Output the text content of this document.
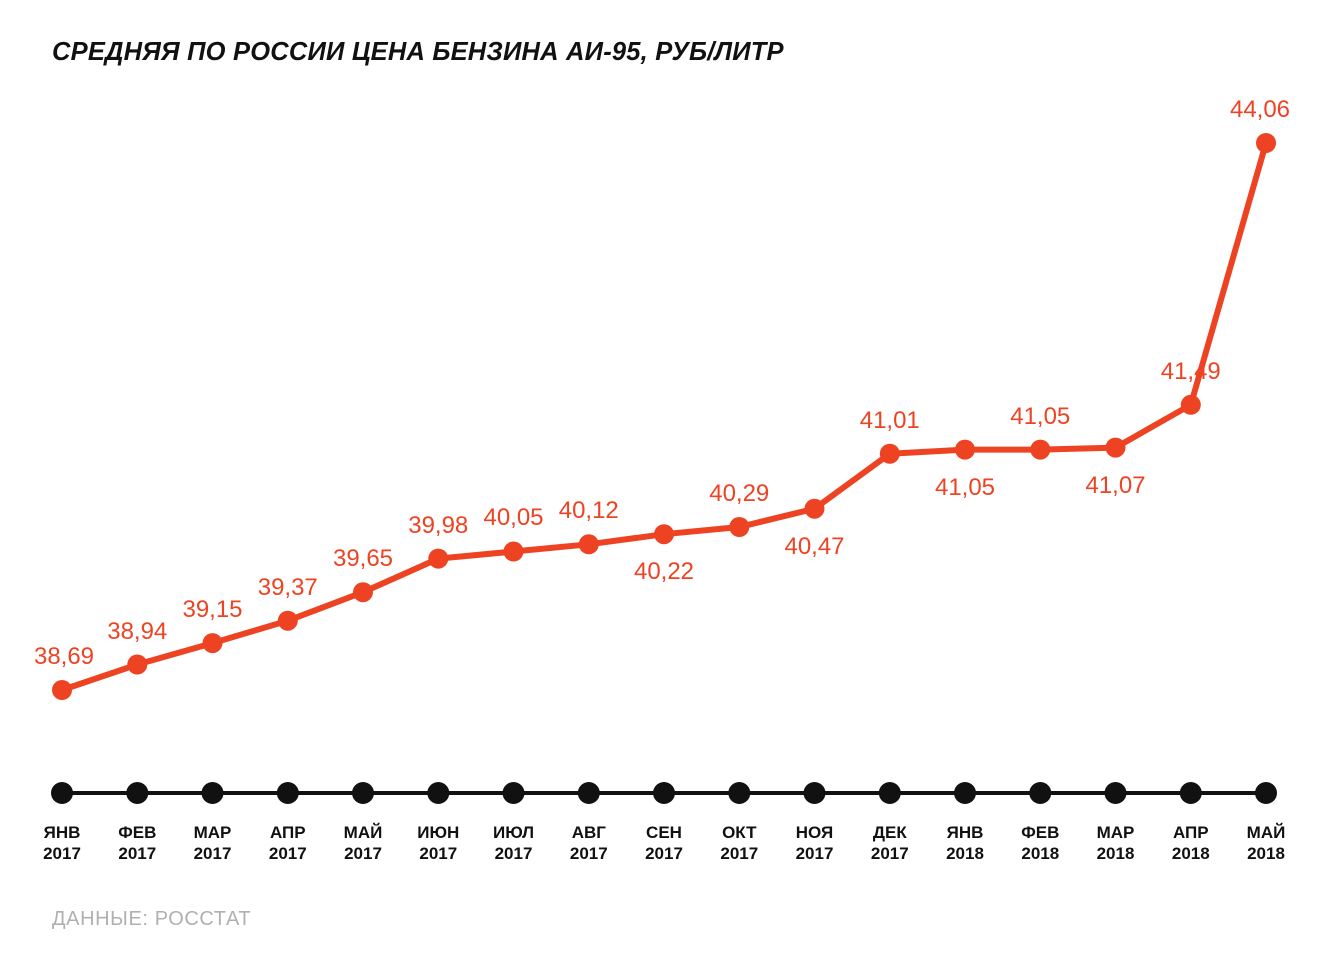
СРЕДНЯЯ ПО РОССИИ ЦЕНА БЕНЗИНА АИ-95, РУБ/ЛИТР
38,69
38,94
39,15
39,37
39,65
39,98 40,05 40,12
40,22
40,29
40,47
41,01
41,05
41,05
41,07
41,49
44,06
ЯНВ
2017
ФЕВ
2017
МАР
2017
АПР
2017
МАЙ
2017
ИЮН
2017
ИЮЛ
2017
АВГ
2017
СЕН
2017
ОКТ
2017
НОЯ
2017
ДЕК
2017
ЯНВ
2018
ФЕВ
2018
МАР
2018
АПР
2018
МАЙ
2018
ДАННЫЕ: РОССТАТ
